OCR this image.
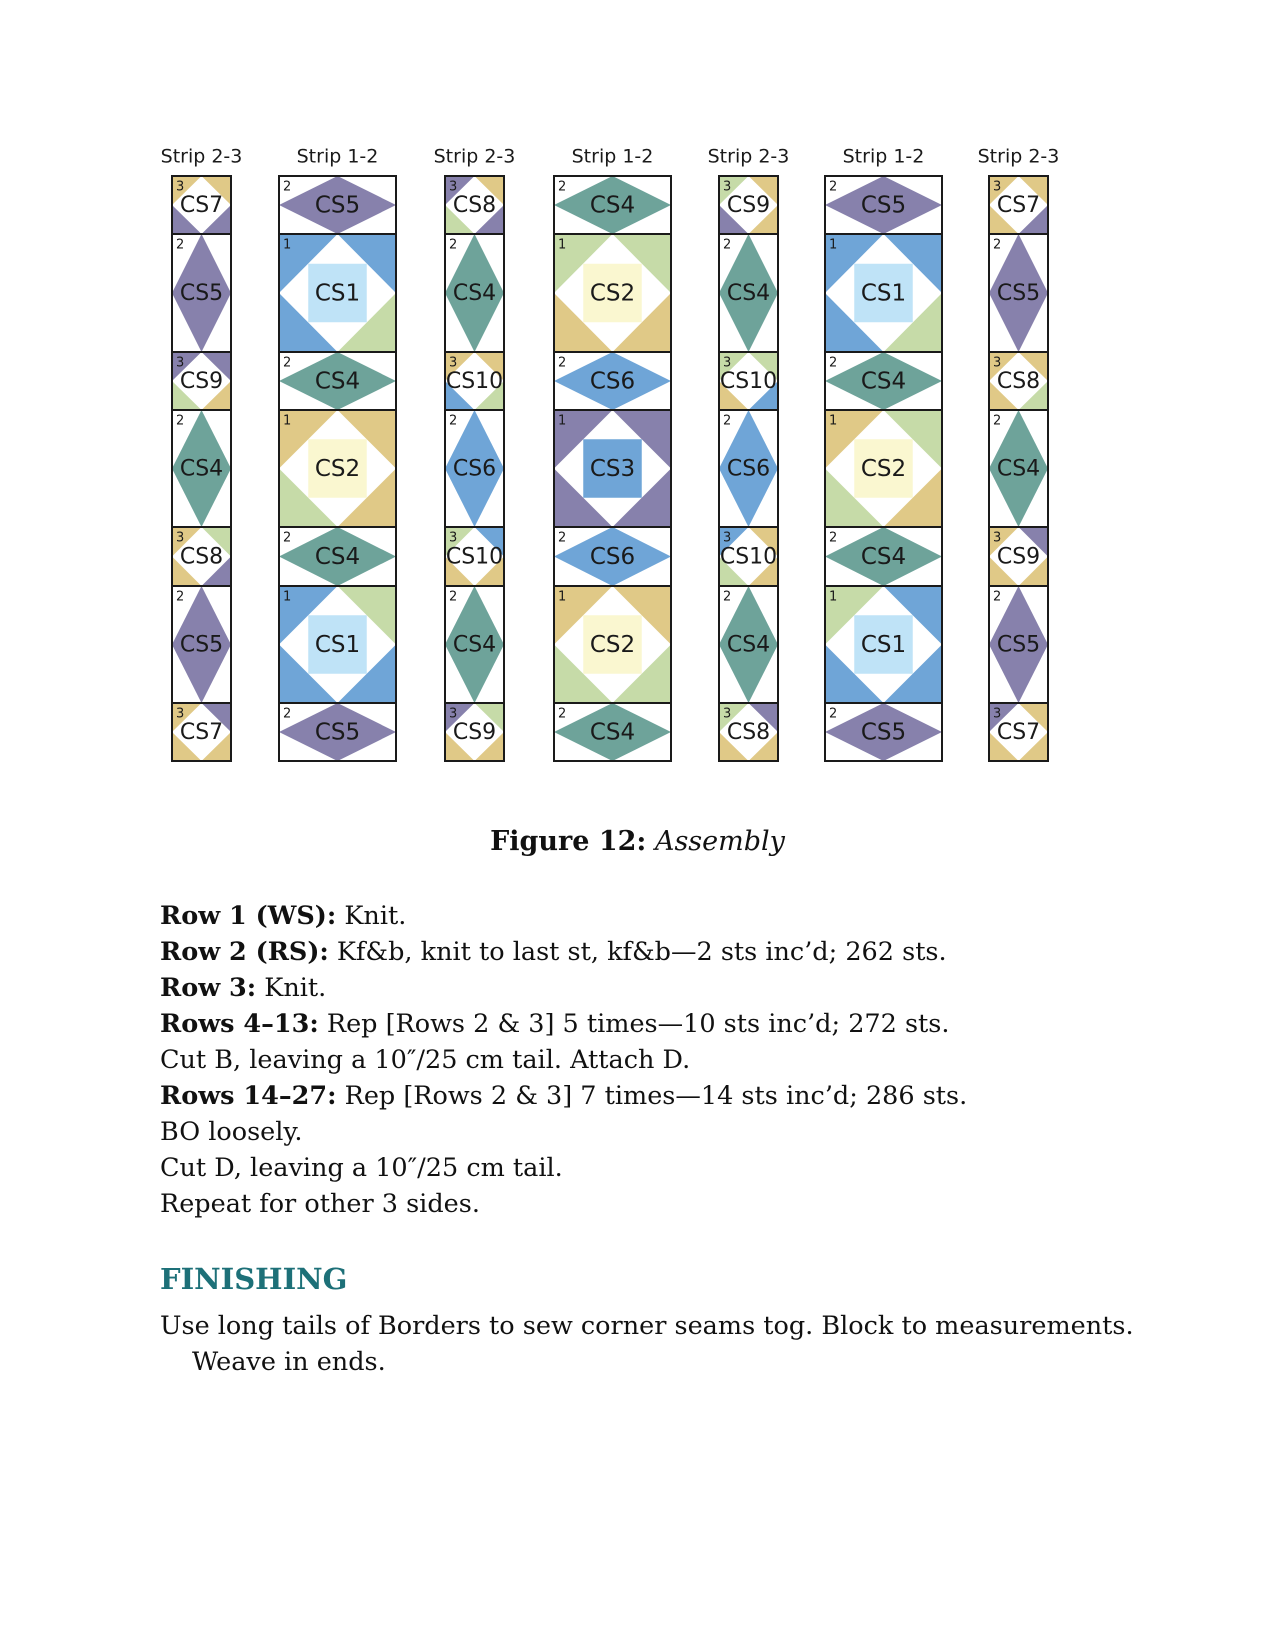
Strip 2-3
3
CS7
2
CS5
3
CS9
2
CS4
3
CS8
2
CS5
3
CS7
Strip 1-2
2
CS5
1
CS1
2
CS4
1
CS2
2
CS4
1
CS1
2
CS5
Strip 2-3
3
CS8
2
CS4
3
CS10
2
CS6
3
CS10
2
CS4
3
CS9
Strip 1-2
2
CS4
1
CS2
2
CS6
1
CS3
2
CS6
1
CS2
2
CS4
Strip 2-3
3
CS9
2
CS4
3
CS10
2
CS6
3
CS10
2
CS4
3
CS8
Strip 1-2
2
CS5
1
CS1
2
CS4
1
CS2
2
CS4
1
CS1
2
CS5
Strip 2-3
3
CS7
2
CS5
3
CS8
2
CS4
3
CS9
2
CS5
3
CS7
Figure 12: Assembly
Row 1 (WS): Knit.
Row 2 (RS): Kf&b, knit to last st, kf&b—2 sts inc’d; 262 sts.
Row 3: Knit.
Rows 4–13: Rep [Rows 2 & 3] 5 times—10 sts inc’d; 272 sts.
Cut B, leaving a 10″/25 cm tail. Attach D.
Rows 14–27: Rep [Rows 2 & 3] 7 times—14 sts inc’d; 286 sts.
BO loosely.
Cut D, leaving a 10″/25 cm tail.
Repeat for other 3 sides.
FINISHING
Use long tails of Borders to sew corner seams tog. Block to measurements.
Weave in ends.
